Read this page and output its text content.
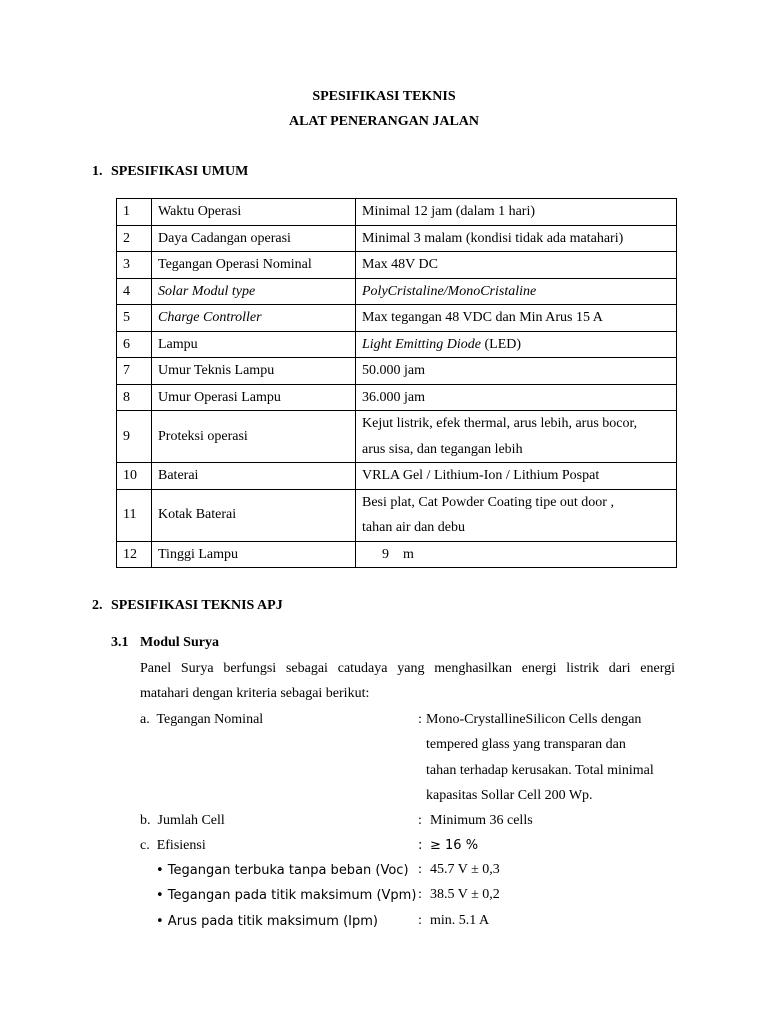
SPESIFIKASI TEKNIS
ALAT PENERANGAN JALAN
1. SPESIFIKASI UMUM
1	Waktu Operasi	Minimal 12 jam (dalam 1 hari)
2	Daya Cadangan operasi	Minimal 3 malam (kondisi tidak ada matahari)
3	Tegangan Operasi Nominal	Max 48V DC
4	Solar Modul type	PolyCristaline/MonoCristaline
5	Charge Controller	Max tegangan 48 VDC dan Min Arus 15 A
6	Lampu	Light Emitting Diode (LED)
7	Umur Teknis Lampu	50.000 jam
8	Umur Operasi Lampu	36.000 jam
9	Proteksi operasi	Kejut listrik, efek thermal, arus lebih, arus bocor,
arus sisa, dan tegangan lebih

10	Baterai	VRLA Gel / Lithium-Ion / Lithium Pospat
11	Kotak Baterai	Besi plat, Cat Powder Coating tipe out door ,
tahan air dan debu

12	Tinggi Lampu	9    m
2. SPESIFIKASI TEKNIS APJ
3.1 Modul Surya
Panel Surya berfungsi sebagai catudaya yang menghasilkan energi listrik dari energi
matahari dengan kriteria sebagai berikut:
a.  Tegangan Nominal	: Mono-CrystallineSilicon Cells dengan
tempered glass yang transparan dan
tahan terhadap kerusakan. Total minimal
kapasitas Sollar Cell 200 Wp.
b.  Jumlah Cell	: Minimum 36 cells
c.  Efisiensi	: ≥ 16 %
• Tegangan terbuka tanpa beban (Voc) : 45.7 V ± 0,3
• Tegangan pada titik maksimum (Vpm) : 38.5 V ± 0,2
• Arus pada titik maksimum (Ipm)	: min. 5.1 A
